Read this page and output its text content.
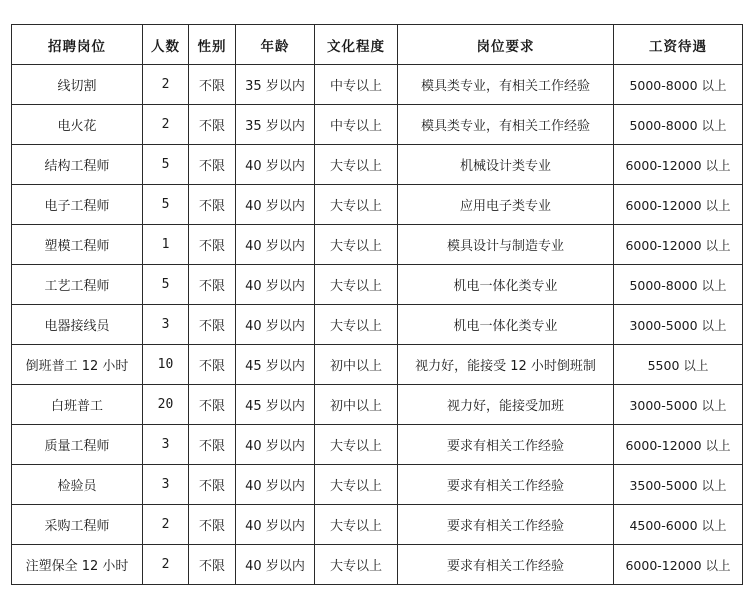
招聘岗位	人数	性别	年龄	文化程度	岗位要求	工资待遇
线切割	2	不限	35 岁以内	中专以上	模具类专业，有相关工作经验	5000-8000 以上
电火花	2	不限	35 岁以内	中专以上	模具类专业，有相关工作经验	5000-8000 以上
结构工程师	5	不限	40 岁以内	大专以上	机械设计类专业	6000-12000 以上
电子工程师	5	不限	40 岁以内	大专以上	应用电子类专业	6000-12000 以上
塑模工程师	1	不限	40 岁以内	大专以上	模具设计与制造专业	6000-12000 以上
工艺工程师	5	不限	40 岁以内	大专以上	机电一体化类专业	5000-8000 以上
电器接线员	3	不限	40 岁以内	大专以上	机电一体化类专业	3000-5000 以上
倒班普工 12 小时	10	不限	45 岁以内	初中以上	视力好，能接受 12 小时倒班制	5500 以上
白班普工	20	不限	45 岁以内	初中以上	视力好，能接受加班	3000-5000 以上
质量工程师	3	不限	40 岁以内	大专以上	要求有相关工作经验	6000-12000 以上
检验员	3	不限	40 岁以内	大专以上	要求有相关工作经验	3500-5000 以上
采购工程师	2	不限	40 岁以内	大专以上	要求有相关工作经验	4500-6000 以上
注塑保全 12 小时	2	不限	40 岁以内	大专以上	要求有相关工作经验	6000-12000 以上
